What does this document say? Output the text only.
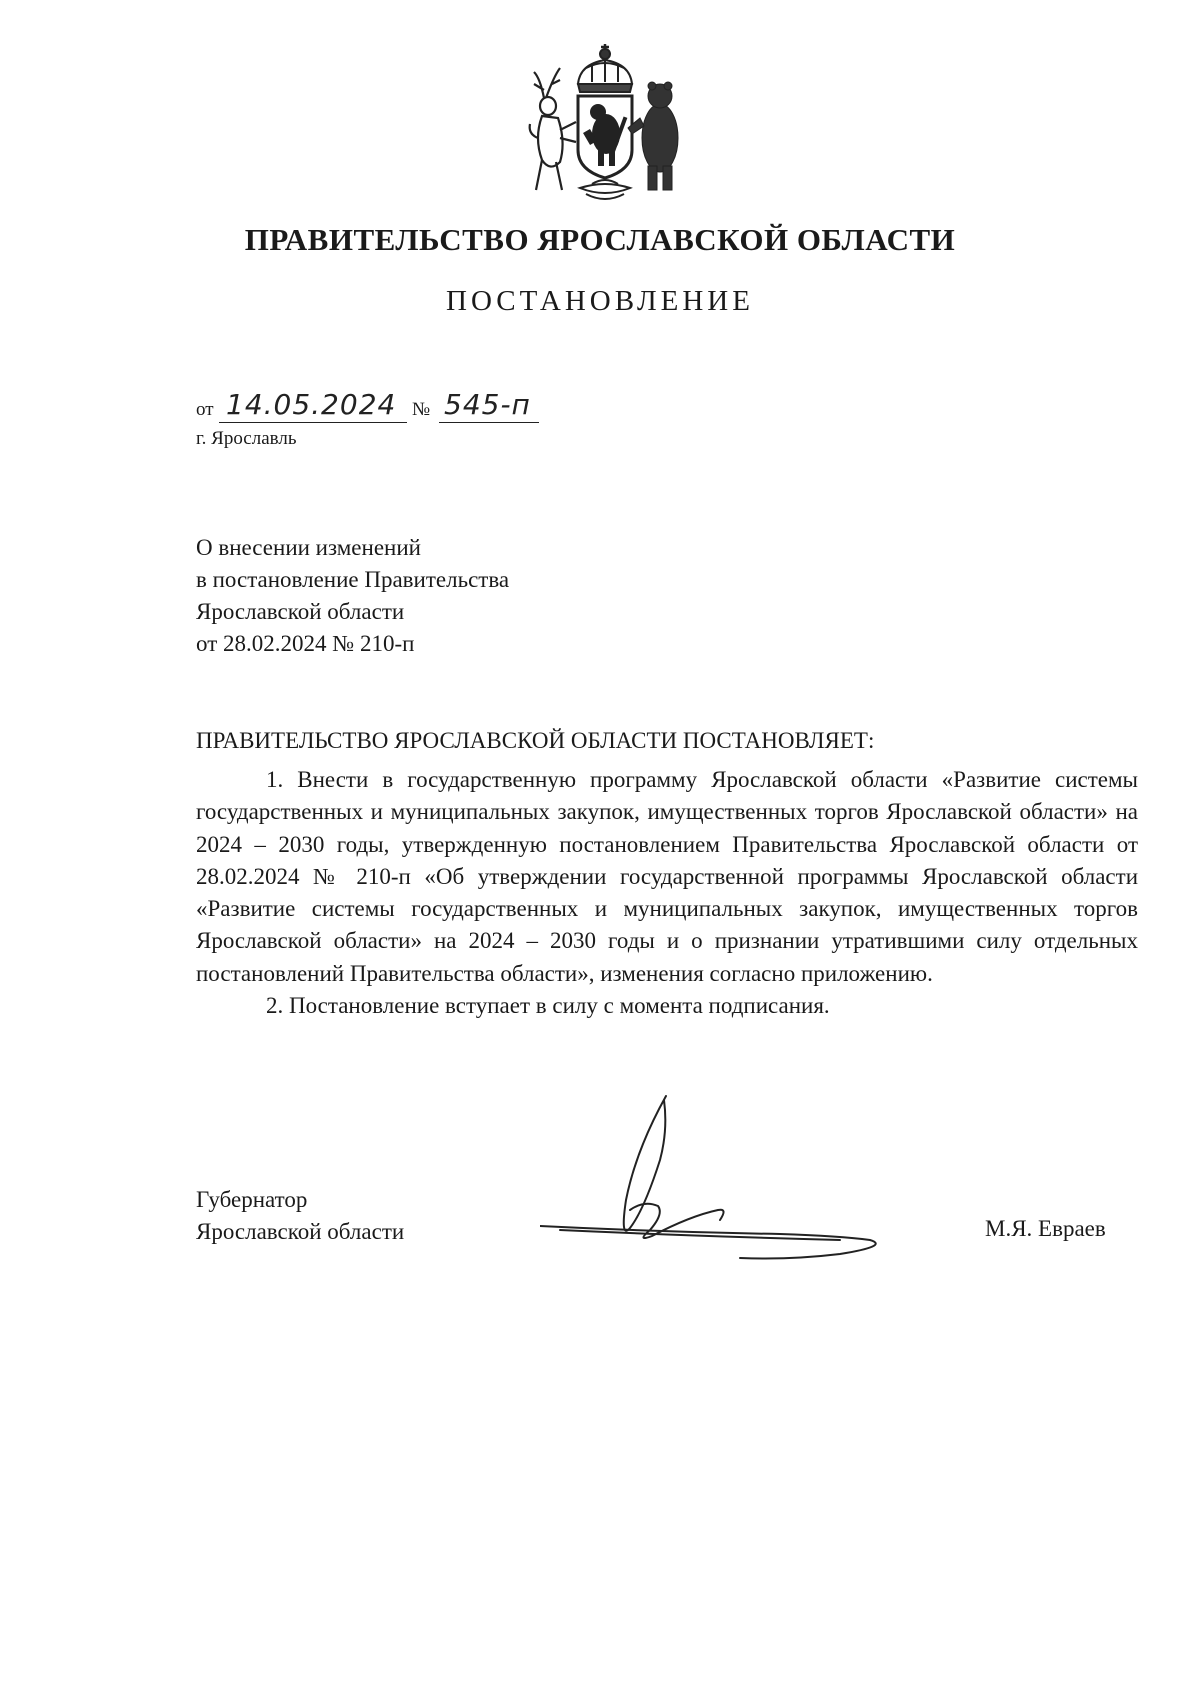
ПРАВИТЕЛЬСТВО ЯРОСЛАВСКОЙ ОБЛАСТИ
ПОСТАНОВЛЕНИЕ
от 14.05.2024 № 545-п
г. Ярославль
О внесении изменений
в постановление Правительства
Ярославской области
от 28.02.2024 № 210-п
ПРАВИТЕЛЬСТВО ЯРОСЛАВСКОЙ ОБЛАСТИ ПОСТАНОВЛЯЕТ:

1. Внести в государственную программу Ярославской области «Развитие системы государственных и муниципальных закупок, имущественных торгов Ярославской области» на 2024 – 2030 годы, утвержденную постановлением Правительства Ярославской области от 28.02.2024 № 210-п «Об утверждении государственной программы Ярославской области «Развитие системы государственных и муниципальных закупок, имущественных торгов Ярославской области» на 2024 – 2030 годы и о признании утратившими силу отдельных постановлений Правительства области», изменения согласно приложению.

2. Постановление вступает в силу с момента подписания.

Губернатор
Ярославской области	М.Я. Евраев
